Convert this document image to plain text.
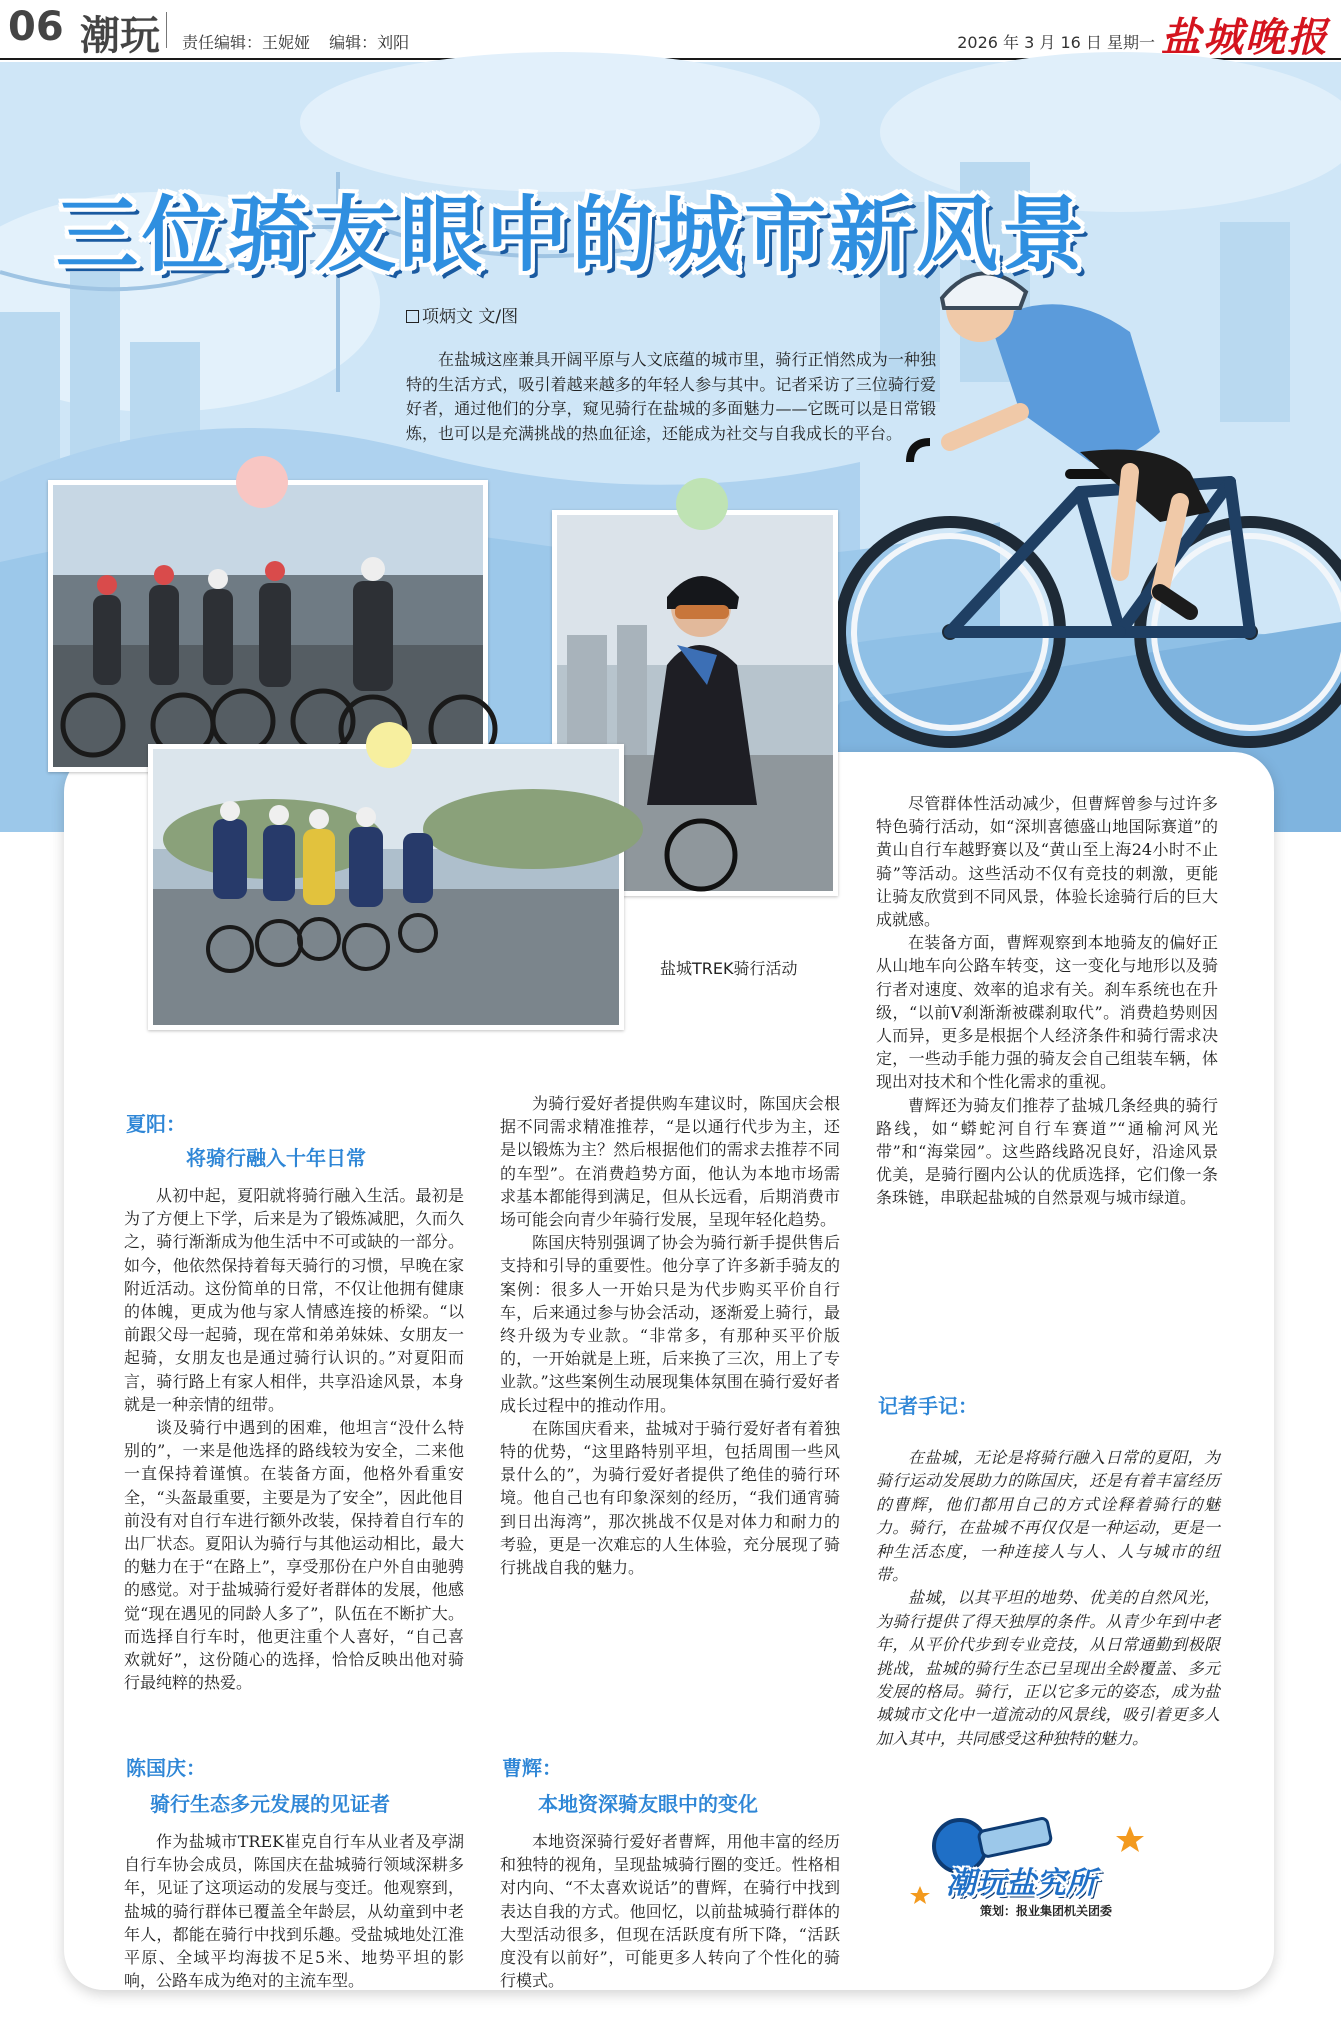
06 潮玩 责任编辑：王妮娅 编辑：刘阳	2026 年 3 月 16 日 星期一 盐城晚报
三位骑友眼中的城市新风景
项炳文 文/图
在盐城这座兼具开阔平原与人文底蕴的城市里，骑行正悄然成为一种独特的生活方式，吸引着越来越多的年轻人参与其中。记者采访了三位骑行爱好者，通过他们的分享，窥见骑行在盐城的多面魅力——它既可以是日常锻炼，也可以是充满挑战的热血征途，还能成为社交与自我成长的平台。
盐城TREK骑行活动
夏阳：
将骑行融入十年日常

从初中起，夏阳就将骑行融入生活。最初是为了方便上下学，后来是为了锻炼减肥，久而久之，骑行渐渐成为他生活中不可或缺的一部分。如今，他依然保持着每天骑行的习惯，早晚在家附近活动。这份简单的日常，不仅让他拥有健康的体魄，更成为他与家人情感连接的桥梁。“以前跟父母一起骑，现在常和弟弟妹妹、女朋友一起骑，女朋友也是通过骑行认识的。”对夏阳而言，骑行路上有家人相伴，共享沿途风景，本身就是一种亲情的纽带。

谈及骑行中遇到的困难，他坦言“没什么特别的”，一来是他选择的路线较为安全，二来他一直保持着谨慎。在装备方面，他格外看重安全，“头盔最重要，主要是为了安全”，因此他目前没有对自行车进行额外改装，保持着自行车的出厂状态。夏阳认为骑行与其他运动相比，最大的魅力在于“在路上”，享受那份在户外自由驰骋的感觉。对于盐城骑行爱好者群体的发展，他感觉“现在遇见的同龄人多了”，队伍在不断扩大。而选择自行车时，他更注重个人喜好，“自己喜欢就好”，这份随心的选择，恰恰反映出他对骑行最纯粹的热爱。

陈国庆：
骑行生态多元发展的见证者

作为盐城市TREK崔克自行车从业者及亭湖自行车协会成员，陈国庆在盐城骑行领域深耕多年，见证了这项运动的发展与变迁。他观察到，盐城的骑行群体已覆盖全年龄层，从幼童到中老年人，都能在骑行中找到乐趣。受盐城地处江淮平原、全域平均海拔不足5米、地势平坦的影响，公路车成为绝对的主流车型。

为骑行爱好者提供购车建议时，陈国庆会根据不同需求精准推荐，“是以通行代步为主，还是以锻炼为主？然后根据他们的需求去推荐不同的车型”。在消费趋势方面，他认为本地市场需求基本都能得到满足，但从长远看，后期消费市场可能会向青少年骑行发展，呈现年轻化趋势。

陈国庆特别强调了协会为骑行新手提供售后支持和引导的重要性。他分享了许多新手骑友的案例：很多人一开始只是为代步购买平价自行车，后来通过参与协会活动，逐渐爱上骑行，最终升级为专业款。“非常多，有那种买平价版的，一开始就是上班，后来换了三次，用上了专业款。”这些案例生动展现集体氛围在骑行爱好者成长过程中的推动作用。

在陈国庆看来，盐城对于骑行爱好者有着独特的优势，“这里路特别平坦，包括周围一些风景什么的”，为骑行爱好者提供了绝佳的骑行环境。他自己也有印象深刻的经历，“我们通宵骑到日出海湾”，那次挑战不仅是对体力和耐力的考验，更是一次难忘的人生体验，充分展现了骑行挑战自我的魅力。

曹辉：
本地资深骑友眼中的变化

本地资深骑行爱好者曹辉，用他丰富的经历和独特的视角，呈现盐城骑行圈的变迁。性格相对内向、“不太喜欢说话”的曹辉，在骑行中找到表达自我的方式。他回忆，以前盐城骑行群体的大型活动很多，但现在活跃度有所下降，“活跃度没有以前好”，可能更多人转向了个性化的骑行模式。

尽管群体性活动减少，但曹辉曾参与过许多特色骑行活动，如“深圳喜德盛山地国际赛道”的黄山自行车越野赛以及“黄山至上海24小时不止骑”等活动。这些活动不仅有竞技的刺激，更能让骑友欣赏到不同风景，体验长途骑行后的巨大成就感。

在装备方面，曹辉观察到本地骑友的偏好正从山地车向公路车转变，这一变化与地形以及骑行者对速度、效率的追求有关。刹车系统也在升级，“以前V刹渐渐被碟刹取代”。消费趋势则因人而异，更多是根据个人经济条件和骑行需求决定，一些动手能力强的骑友会自己组装车辆，体现出对技术和个性化需求的重视。

曹辉还为骑友们推荐了盐城几条经典的骑行路线，如“蟒蛇河自行车赛道”“通榆河风光带”和“海棠园”。这些路线路况良好，沿途风景优美，是骑行圈内公认的优质选择，它们像一条条珠链，串联起盐城的自然景观与城市绿道。

记者手记：

在盐城，无论是将骑行融入日常的夏阳，为骑行运动发展助力的陈国庆，还是有着丰富经历的曹辉，他们都用自己的方式诠释着骑行的魅力。骑行，在盐城不再仅仅是一种运动，更是一种生活态度，一种连接人与人、人与城市的纽带。

盐城，以其平坦的地势、优美的自然风光，为骑行提供了得天独厚的条件。从青少年到中老年，从平价代步到专业竞技，从日常通勤到极限挑战，盐城的骑行生态已呈现出全龄覆盖、多元发展的格局。骑行，正以它多元的姿态，成为盐城城市文化中一道流动的风景线，吸引着更多人加入其中，共同感受这种独特的魅力。

潮玩盐究所
策划：报业集团机关团委
